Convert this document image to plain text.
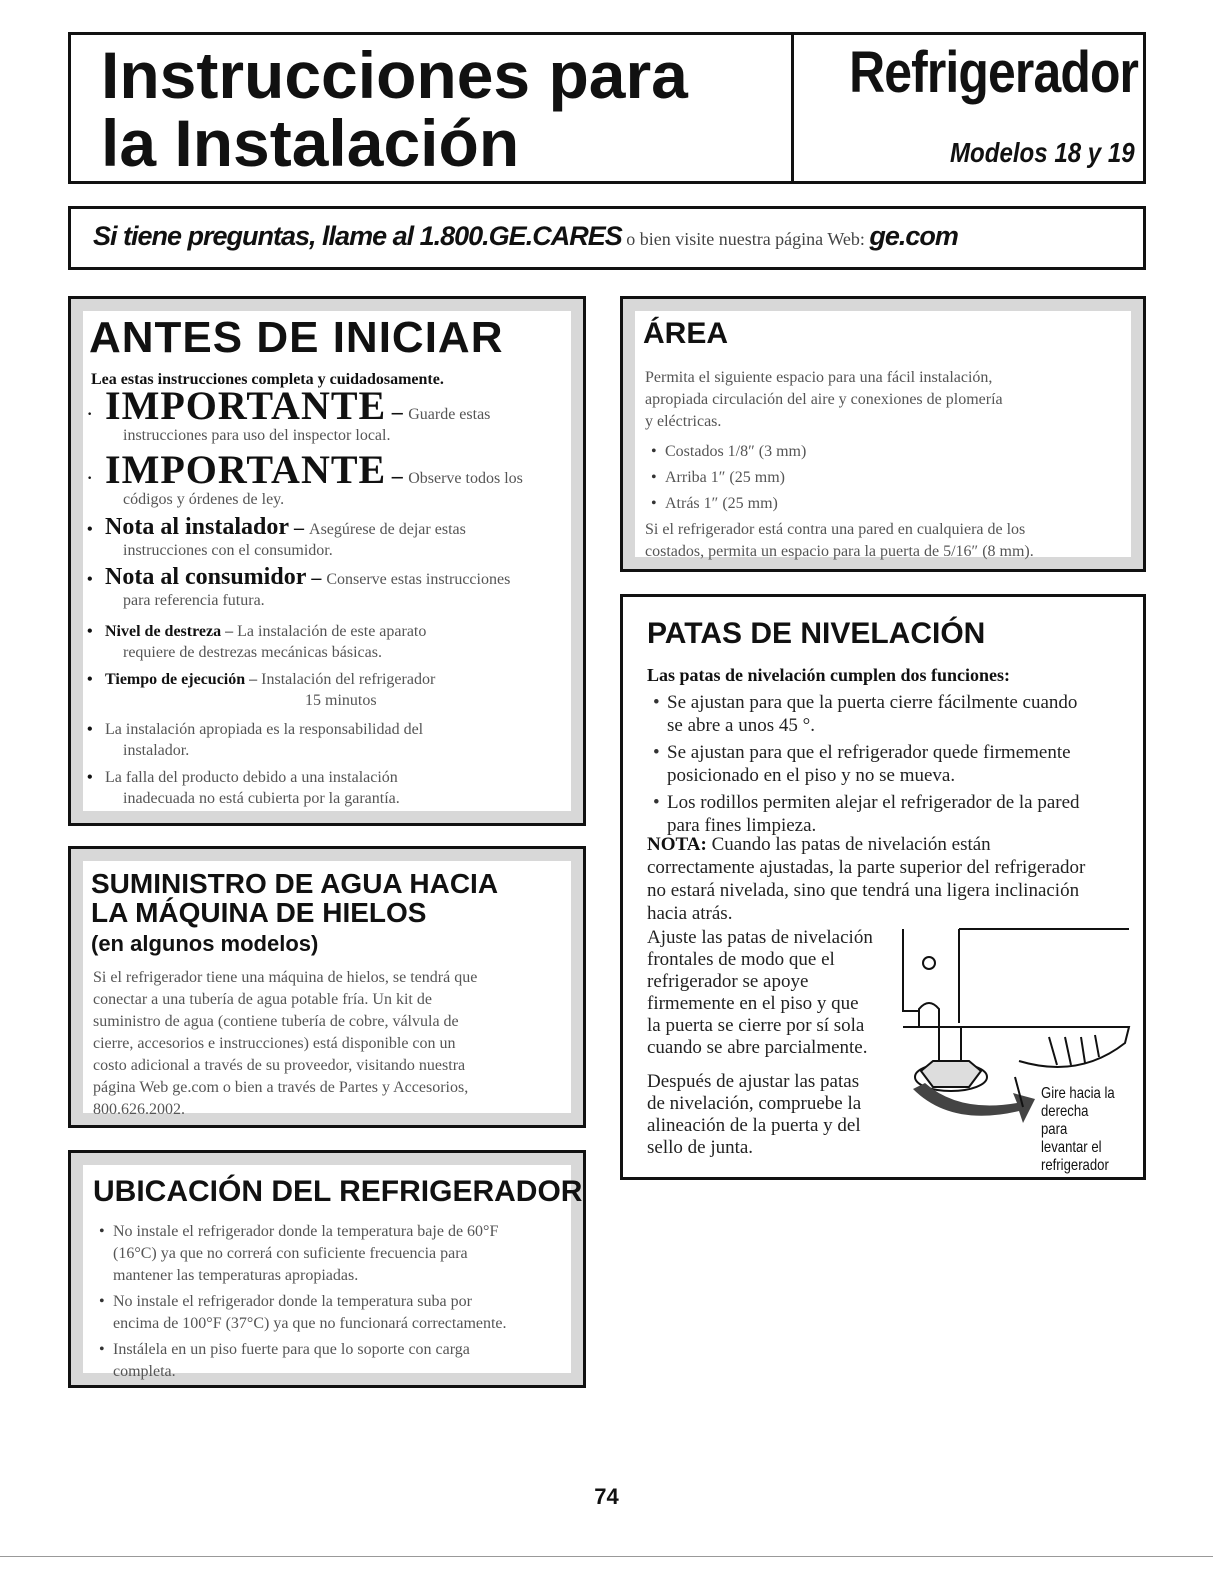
Instrucciones para
la Instalación
Refrigerador
Modelos 18 y 19
Si tiene preguntas, llame al 1.800.GE.CARES o bien visite nuestra página Web: ge.com
ANTES DE INICIAR
Lea estas instrucciones completa y cuidadosamente.
· IMPORTANTE – Guarde estas
instrucciones para uso del inspector local.
· IMPORTANTE – Observe todos los
códigos y órdenes de ley.
• Nota al instalador – Asegúrese de dejar estas
instrucciones con el consumidor.
• Nota al consumidor – Conserve estas instrucciones
para referencia futura.
• Nivel de destreza – La instalación de este aparato
requiere de destrezas mecánicas básicas.
• Tiempo de ejecución – Instalación del refrigerador
15 minutos
• La instalación apropiada es la responsabilidad del
instalador.
• La falla del producto debido a una instalación
inadecuada no está cubierta por la garantía.
ÁREA
Permita el siguiente espacio para una fácil instalación,
apropiada circulación del aire y conexiones de plomería
y eléctricas.
• Costados 1/8″ (3 mm)
• Arriba 1″ (25 mm)
• Atrás 1″ (25 mm)
Si el refrigerador está contra una pared en cualquiera de los
costados, permita un espacio para la puerta de 5/16″ (8 mm).
PATAS DE NIVELACIÓN
Las patas de nivelación cumplen dos funciones:
• Se ajustan para que la puerta cierre fácilmente cuando
se abre a unos 45 °.
• Se ajustan para que el refrigerador quede firmemente
posicionado en el piso y no se mueva.
• Los rodillos permiten alejar el refrigerador de la pared
para fines limpieza.
NOTA: Cuando las patas de nivelación están
correctamente ajustadas, la parte superior del refrigerador
no estará nivelada, sino que tendrá una ligera inclinación
hacia atrás.
Ajuste las patas de nivelación
frontales de modo que el
refrigerador se apoye
firmemente en el piso y que
la puerta se cierre por sí sola
cuando se abre parcialmente.
Después de ajustar las patas
de nivelación, compruebe la
alineación de la puerta y del
sello de junta.
Gire hacia la
derecha para
levantar el
refrigerador
SUMINISTRO DE AGUA HACIA
LA MÁQUINA DE HIELOS
(en algunos modelos)
Si el refrigerador tiene una máquina de hielos, se tendrá que
conectar a una tubería de agua potable fría. Un kit de
suministro de agua (contiene tubería de cobre, válvula de
cierre, accesorios e instrucciones) está disponible con un
costo adicional a través de su proveedor, visitando nuestra
página Web ge.com o bien a través de Partes y Accesorios,
800.626.2002.
UBICACIÓN DEL REFRIGERADOR
• No instale el refrigerador donde la temperatura baje de 60°F
(16°C) ya que no correrá con suficiente frecuencia para
mantener las temperaturas apropiadas.
• No instale el refrigerador donde la temperatura suba por
encima de 100°F (37°C) ya que no funcionará correctamente.
• Instálela en un piso fuerte para que lo soporte con carga
completa.
74
